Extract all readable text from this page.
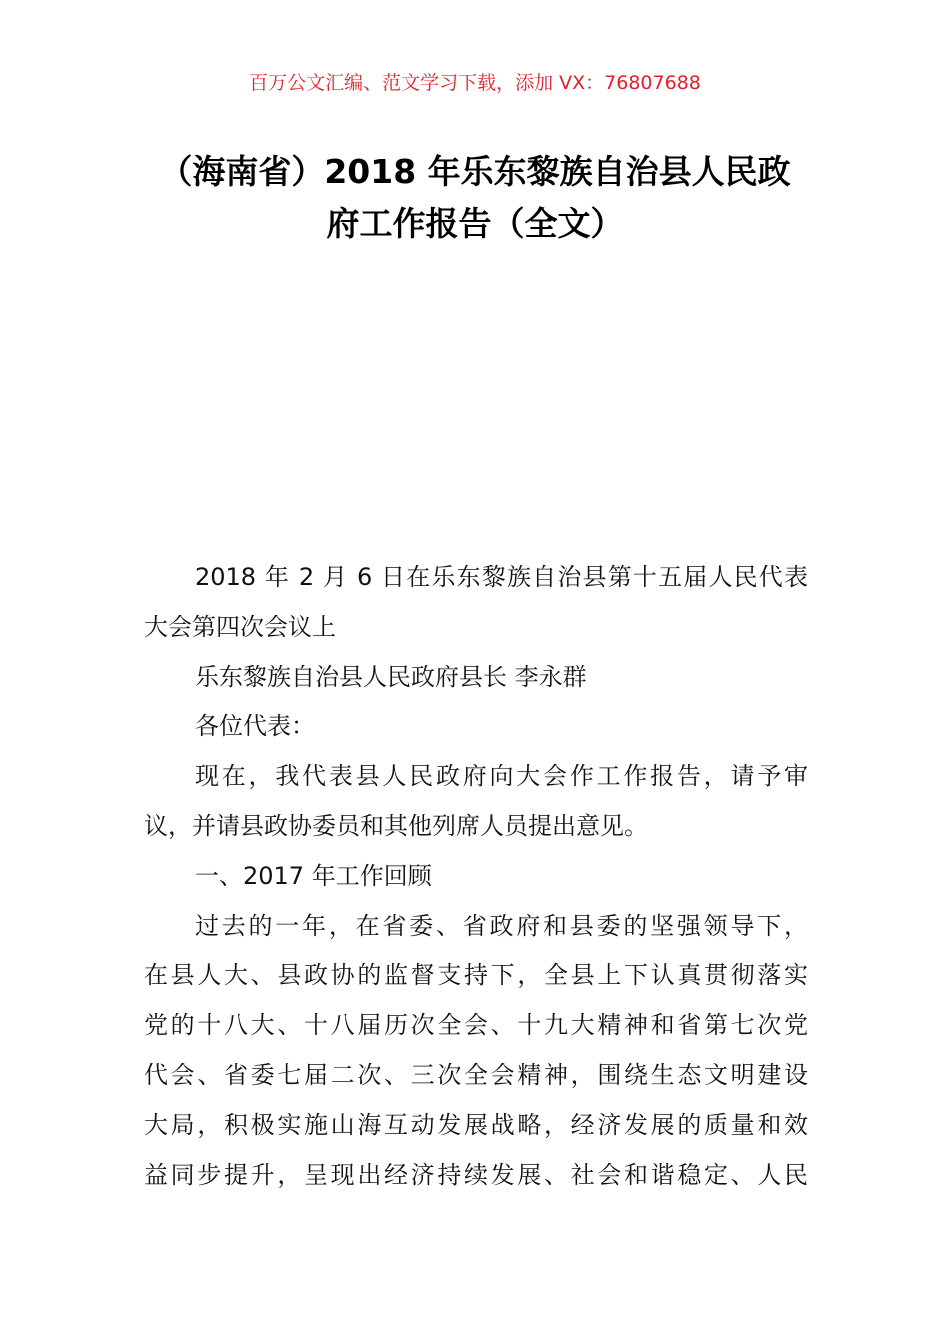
百万公文汇编、范文学习下载，添加 VX：76807688
（海南省）2018 年乐东黎族自治县人民政
府工作报告（全文）
2018 年 2 月 6 日在乐东黎族自治县第十五届人民代表
大会第四次会议上
乐东黎族自治县人民政府县长 李永群
各位代表：
现在，我代表县人民政府向大会作工作报告，请予审
议，并请县政协委员和其他列席人员提出意见。
一、2017 年工作回顾
过去的一年，在省委、省政府和县委的坚强领导下，
在县人大、县政协的监督支持下，全县上下认真贯彻落实
党的十八大、十八届历次全会、十九大精神和省第七次党
代会、省委七届二次、三次全会精神，围绕生态文明建设
大局，积极实施山海互动发展战略，经济发展的质量和效
益同步提升，呈现出经济持续发展、社会和谐稳定、人民
